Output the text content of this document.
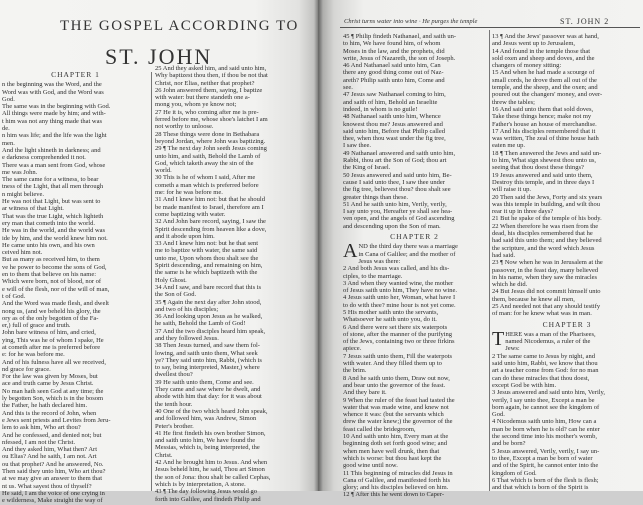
THE GOSPEL ACCORDING TO
ST. JOHN
CHAPTER 1
n the beginning was the Word, and the
Word was with God, and the Word was
God.
The same was in the beginning with God.
All things were made by him; and with-
t him was not any thing made that was
de.
n him was life; and the life was the light
men.
And the light shineth in darkness; and
e darkness comprehended it not.
There was a man sent from God, whose
me was John.
The same came for a witness, to bear
tness of the Light, that all men through
n might believe.
He was not that Light, but was sent to
ar witness of that Light.
That was the true Light, which lighteth
ery man that cometh into the world.
He was in the world, and the world was
ide by him, and the world knew him not.
He came unto his own, and his own
ceived him not.
But as many as received him, to them
ve he power to become the sons of God,
en to them that believe on his name:
Which were born, not of blood, nor of
e will of the flesh, nor of the will of man,
t of God.
And the Word was made flesh, and dwelt
nong us, (and we beheld his glory, the
ory as of the only begotten of the Fa-
er,) full of grace and truth.
John bare witness of him, and cried,
ying, This was he of whom I spake, He
at cometh after me is preferred before
e: for he was before me.
And of his fulness have all we received,
nd grace for grace.
For the law was given by Moses, but
ace and truth came by Jesus Christ.
No man hath seen God at any time; the
ly begotten Son, which is in the bosom
the Father, he hath declared him.
And this is the record of John, when
e Jews sent priests and Levites from Jeru-
lem to ask him, Who art thou?
And he confessed, and denied not; but
nfessed, I am not the Christ.
And they asked him, What then? Art
ou Elias? And he saith, I am not. Art
ou that prophet? And he answered, No.
Then said they unto him, Who art thou?
at we may give an answer to them that
nt us. What sayest thou of thyself?
He said, I am the voice of one crying in
e wilderness, Make straight the way of
25 And they asked him, and said unto him,
Why baptizest thou then, if thou be not that
Christ, nor Elias, neither that prophet?
26 John answered them, saying, I baptize
with water: but there standeth one a-
mong you, whom ye know not;
27 He it is, who coming after me is pre-
ferred before me, whose shoe's latchet I am
not worthy to unloose.
28 These things were done in Bethabara
beyond Jordan, where John was baptizing.
29 ¶ The next day John seeth Jesus coming
unto him, and saith, Behold the Lamb of
God, which taketh away the sin of the
world.
30 This is he of whom I said, After me
cometh a man which is preferred before
me: for he was before me.
31 And I knew him not: but that he should
be made manifest to Israel, therefore am I
come baptizing with water.
32 And John bare record, saying, I saw the
Spirit descending from heaven like a dove,
and it abode upon him.
33 And I knew him not: but he that sent
me to baptize with water, the same said
unto me, Upon whom thou shalt see the
Spirit descending, and remaining on him,
the same is he which baptizeth with the
Holy Ghost.
34 And I saw, and bare record that this is
the Son of God.
35 ¶ Again the next day after John stood,
and two of his disciples;
36 And looking upon Jesus as he walked,
he saith, Behold the Lamb of God!
37 And the two disciples heard him speak,
and they followed Jesus.
38 Then Jesus turned, and saw them fol-
lowing, and saith unto them, What seek
ye? They said unto him, Rabbi, (which is
to say, being interpreted, Master,) where
dwellest thou?
39 He saith unto them, Come and see.
They came and saw where he dwelt, and
abode with him that day: for it was about
the tenth hour.
40 One of the two which heard John speak,
and followed him, was Andrew, Simon
Peter's brother.
41 He first findeth his own brother Simon,
and saith unto him, We have found the
Messias, which is, being interpreted, the
Christ.
42 And he brought him to Jesus. And when
Jesus beheld him, he said, Thou art Simon
the son of Jona: thou shalt be called Cephas,
which is by interpretation, A stone.
43 ¶ The day following Jesus would go
forth into Galilee, and findeth Philip and
Christ turns water into wine · He purges the temple	ST. JOHN 2
45 ¶ Philip findeth Nathanael, and saith un-
to him, We have found him, of whom
Moses in the law, and the prophets, did
write, Jesus of Nazareth, the son of Joseph.
46 And Nathanael said unto him, Can
there any good thing come out of Naz-
areth? Philip saith unto him, Come and
see.
47 Jesus saw Nathanael coming to him,
and saith of him, Behold an Israelite
indeed, in whom is no guile!
48 Nathanael saith unto him, Whence
knowest thou me? Jesus answered and
said unto him, Before that Philip called
thee, when thou wast under the fig tree,
I saw thee.
49 Nathanael answered and saith unto him,
Rabbi, thou art the Son of God; thou art
the King of Israel.
50 Jesus answered and said unto him, Be-
cause I said unto thee, I saw thee under
the fig tree, believest thou? thou shalt see
greater things than these.
51 And he saith unto him, Verily, verily,
I say unto you, Hereafter ye shall see hea-
ven open, and the angels of God ascending
and descending upon the Son of man.
CHAPTER 2
A ND the third day there was a marriage
in Cana of Galilee; and the mother of
Jesus was there:
2 And both Jesus was called, and his dis-
ciples, to the marriage.
3 And when they wanted wine, the mother
of Jesus saith unto him, They have no wine.
4 Jesus saith unto her, Woman, what have I
to do with thee? mine hour is not yet come.
5 His mother saith unto the servants,
Whatsoever he saith unto you, do it.
6 And there were set there six waterpots
of stone, after the manner of the purifying
of the Jews, containing two or three firkins
apiece.
7 Jesus saith unto them, Fill the waterpots
with water. And they filled them up to
the brim.
8 And he saith unto them, Draw out now,
and bear unto the governor of the feast.
And they bare it.
9 When the ruler of the feast had tasted the
water that was made wine, and knew not
whence it was: (but the servants which
drew the water knew;) the governor of the
feast called the bridegroom,
10 And saith unto him, Every man at the
beginning doth set forth good wine; and
when men have well drunk, then that
which is worse: but thou hast kept the
good wine until now.
11 This beginning of miracles did Jesus in
Cana of Galilee, and manifested forth his
glory; and his disciples believed on him.
12 ¶ After this he went down to Caper-
13 ¶ And the Jews' passover was at hand,
and Jesus went up to Jerusalem,
14 And found in the temple those that
sold oxen and sheep and doves, and the
changers of money sitting:
15 And when he had made a scourge of
small cords, he drove them all out of the
temple, and the sheep, and the oxen; and
poured out the changers' money, and over-
threw the tables;
16 And said unto them that sold doves,
Take these things hence; make not my
Father's house an house of merchandise.
17 And his disciples remembered that it
was written, The zeal of thine house hath
eaten me up.
18 ¶ Then answered the Jews and said un-
to him, What sign shewest thou unto us,
seeing that thou doest these things?
19 Jesus answered and said unto them,
Destroy this temple, and in three days I
will raise it up.
20 Then said the Jews, Forty and six years
was this temple in building, and wilt thou
rear it up in three days?
21 But he spake of the temple of his body.
22 When therefore he was risen from the
dead, his disciples remembered that he
had said this unto them; and they believed
the scripture, and the word which Jesus
had said.
23 ¶ Now when he was in Jerusalem at the
passover, in the feast day, many believed
in his name, when they saw the miracles
which he did.
24 But Jesus did not commit himself unto
them, because he knew all men,
25 And needed not that any should testify
of man: for he knew what was in man.
CHAPTER 3
T HERE was a man of the Pharisees,
named Nicodemus, a ruler of the
Jews:
2 The same came to Jesus by night, and
said unto him, Rabbi, we know that thou
art a teacher come from God: for no man
can do these miracles that thou doest,
except God be with him.
3 Jesus answered and said unto him, Verily,
verily, I say unto thee, Except a man be
born again, he cannot see the kingdom of
God.
4 Nicodemus saith unto him, How can a
man be born when he is old? can he enter
the second time into his mother's womb,
and be born?
5 Jesus answered, Verily, verily, I say un-
to thee, Except a man be born of water
and of the Spirit, he cannot enter into the
kingdom of God.
6 That which is born of the flesh is flesh;
and that which is born of the Spirit is
